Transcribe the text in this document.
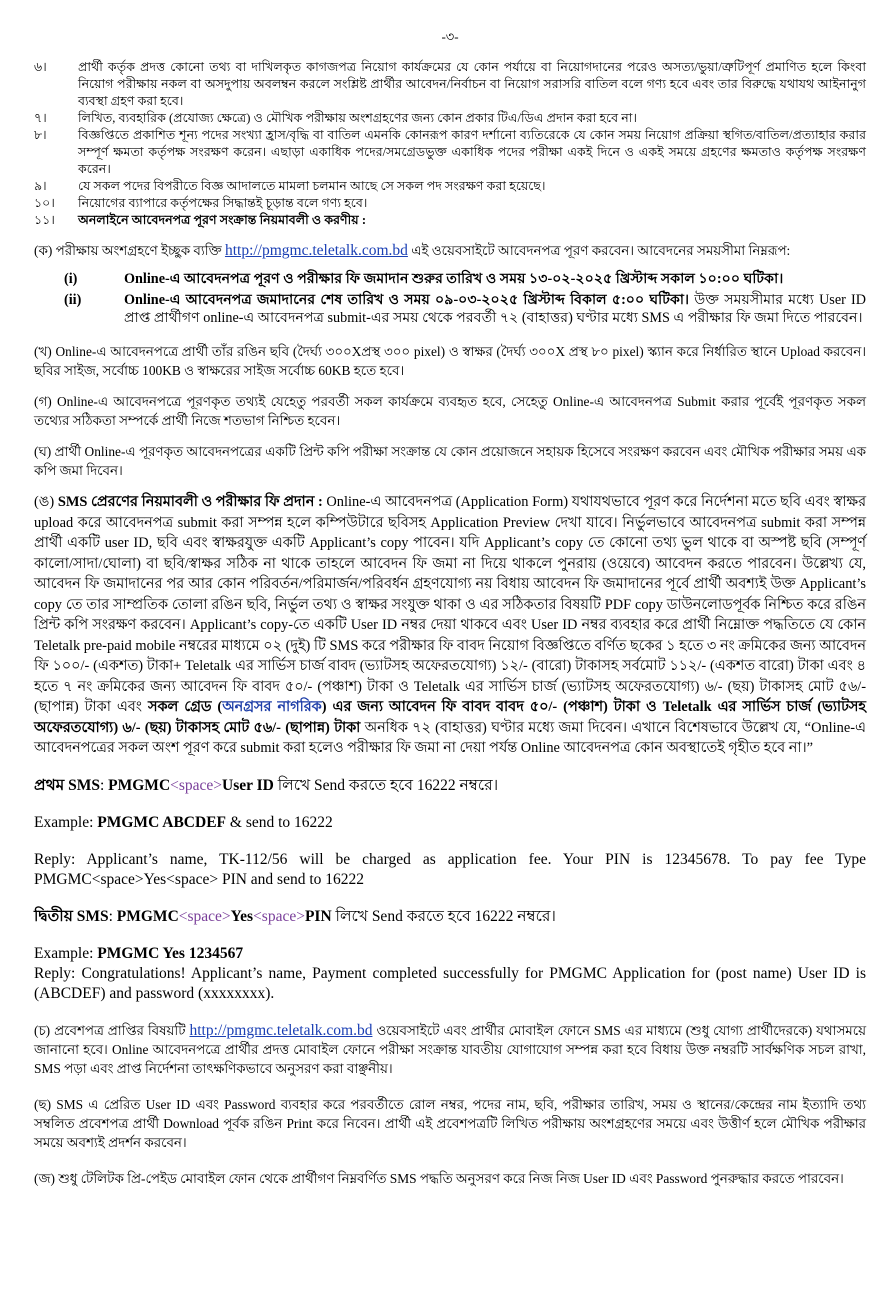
-৩-
৬।	প্রার্থী কর্তৃক প্রদত্ত কোনো তথ্য বা দাখিলকৃত কাগজপত্র নিয়োগ কার্যক্রমের যে কোন পর্যায়ে বা নিয়োগদানের পরেও অসত্য/ভুয়া/ত্রুটিপূর্ণ প্রমাণিত হলে কিংবা নিয়োগ পরীক্ষায় নকল বা অসদুপায় অবলম্বন করলে সংশ্লিষ্ট প্রার্থীর আবেদন/নির্বাচন বা নিয়োগ সরাসরি বাতিল বলে গণ্য হবে এবং তার বিরুদ্ধে যথাযথ আইনানুগ ব্যবস্থা গ্রহণ করা হবে।
৭।	লিখিত, ব্যবহারিক (প্রযোজ্য ক্ষেত্রে) ও মৌখিক পরীক্ষায় অংশগ্রহণের জন্য কোন প্রকার টিএ/ডিএ প্রদান করা হবে না।
৮।	বিজ্ঞপ্তিতে প্রকাশিত শূন্য পদের সংখ্যা হ্রাস/বৃদ্ধি বা বাতিল এমনকি কোনরূপ কারণ দর্শানো ব্যতিরেকে যে কোন সময় নিয়োগ প্রক্রিয়া স্থগিত/বাতিল/প্রত্যাহার করার সম্পূর্ণ ক্ষমতা কর্তৃপক্ষ সংরক্ষণ করেন। এছাড়া একাধিক পদের/সমগ্রেডভুক্ত একাধিক পদের পরীক্ষা একই দিনে ও একই সময়ে গ্রহণের ক্ষমতাও কর্তৃপক্ষ সংরক্ষণ করেন।
৯।	যে সকল পদের বিপরীতে বিজ্ঞ আদালতে মামলা চলমান আছে সে সকল পদ সংরক্ষণ করা হয়েছে।
১০।	নিয়োগের ব্যাপারে কর্তৃপক্ষের সিদ্ধান্তই চূড়ান্ত বলে গণ্য হবে।
১১।	অনলাইনে আবেদনপত্র পূরণ সংক্রান্ত নিয়মাবলী ও করণীয় :

(ক) পরীক্ষায় অংশগ্রহণে ইচ্ছুক ব্যক্তি http://pmgmc.teletalk.com.bd এই ওয়েবসাইটে আবেদনপত্র পূরণ করবেন। আবেদনের সময়সীমা নিম্নরূপ:

(i)	Online-এ আবেদনপত্র পূরণ ও পরীক্ষার ফি জমাদান শুরুর তারিখ ও সময় ১৩-০২-২০২৫ খ্রিস্টাব্দ সকাল ১০:০০ ঘটিকা।
(ii)	Online-এ আবেদনপত্র জমাদানের শেষ তারিখ ও সময় ০৯-০৩-২০২৫ খ্রিস্টাব্দ বিকাল ৫:০০ ঘটিকা। উক্ত সময়সীমার মধ্যে User ID প্রাপ্ত প্রার্থীগণ online-এ আবেদনপত্র submit-এর সময় থেকে পরবর্তী ৭২ (বাহাত্তর) ঘণ্টার মধ্যে SMS এ পরীক্ষার ফি জমা দিতে পারবেন।

(খ) Online-এ আবেদনপত্রে প্রার্থী তাঁর রঙিন ছবি (দৈর্ঘ্য ৩০০Xপ্রস্থ ৩০০ pixel) ও স্বাক্ষর (দৈর্ঘ্য ৩০০X প্রস্থ ৮০ pixel) স্ক্যান করে নির্ধারিত স্থানে Upload করবেন। ছবির সাইজ, সর্বোচ্চ 100KB ও স্বাক্ষরের সাইজ সর্বোচ্চ 60KB হতে হবে।

(গ) Online-এ আবেদনপত্রে পূরণকৃত তথ্যই যেহেতু পরবর্তী সকল কার্যক্রমে ব্যবহৃত হবে, সেহেতু Online-এ আবেদনপত্র Submit করার পূর্বেই পূরণকৃত সকল তথ্যের সঠিকতা সম্পর্কে প্রার্থী নিজে শতভাগ নিশ্চিত হবেন।

(ঘ) প্রার্থী Online-এ পূরণকৃত আবেদনপত্রের একটি প্রিন্ট কপি পরীক্ষা সংক্রান্ত যে কোন প্রয়োজনে সহায়ক হিসেবে সংরক্ষণ করবেন এবং মৌখিক পরীক্ষার সময় এক কপি জমা দিবেন।

(ঙ) SMS প্রেরণের নিয়মাবলী ও পরীক্ষার ফি প্রদান : Online-এ আবেদনপত্র (Application Form) যথাযথভাবে পূরণ করে নির্দেশনা মতে ছবি এবং স্বাক্ষর upload করে আবেদনপত্র submit করা সম্পন্ন হলে কম্পিউটারে ছবিসহ Application Preview দেখা যাবে। নির্ভুলভাবে আবেদনপত্র submit করা সম্পন্ন প্রার্থী একটি user ID, ছবি এবং স্বাক্ষরযুক্ত একটি Applicant’s copy পাবেন। যদি Applicant’s copy তে কোনো তথ্য ভুল থাকে বা অস্পষ্ট ছবি (সম্পূর্ণ কালো/সাদা/ঘোলা) বা ছবি/স্বাক্ষর সঠিক না থাকে তাহলে আবেদন ফি জমা না দিয়ে থাকলে পুনরায় (ওয়েবে) আবেদন করতে পারবেন। উল্লেখ্য যে, আবেদন ফি জমাদানের পর আর কোন পরিবর্তন/পরিমার্জন/পরিবর্ধন গ্রহণযোগ্য নয় বিধায় আবেদন ফি জমাদানের পূর্বে প্রার্থী অবশ্যই উক্ত Applicant’s copy তে তার সাম্প্রতিক তোলা রঙিন ছবি, নির্ভুল তথ্য ও স্বাক্ষর সংযুক্ত থাকা ও এর সঠিকতার বিষয়টি PDF copy ডাউনলোডপূর্বক নিশ্চিত করে রঙিন প্রিন্ট কপি সংরক্ষণ করবেন। Applicant’s copy-তে একটি User ID নম্বর দেয়া থাকবে এবং User ID নম্বর ব্যবহার করে প্রার্থী নিম্নোক্ত পদ্ধতিতে যে কোন Teletalk pre-paid mobile নম্বরের মাধ্যমে ০২ (দুই) টি SMS করে পরীক্ষার ফি বাবদ নিয়োগ বিজ্ঞপ্তিতে বর্ণিত ছকের ১ হতে ৩ নং ক্রমিকের জন্য আবেদন ফি ১০০/- (একশত) টাকা+ Teletalk এর সার্ভিস চার্জ বাবদ (ভ্যাটসহ অফেরতযোগ্য) ১২/- (বারো) টাকাসহ সর্বমোট ১১২/- (একশত বারো) টাকা এবং ৪ হতে ৭ নং ক্রমিকের জন্য আবেদন ফি বাবদ ৫০/- (পঞ্চাশ) টাকা ও Teletalk এর সার্ভিস চার্জ (ভ্যাটসহ অফেরতযোগ্য) ৬/- (ছয়) টাকাসহ মোট ৫৬/- (ছাপান্ন) টাকা এবং সকল গ্রেড (অনগ্রসর নাগরিক) এর জন্য আবেদন ফি বাবদ বাবদ ৫০/- (পঞ্চাশ) টাকা ও Teletalk এর সার্ভিস চার্জ (ভ্যাটসহ অফেরতযোগ্য) ৬/- (ছয়) টাকাসহ মোট ৫৬/- (ছাপান্ন) টাকা অনধিক ৭২ (বাহাত্তর) ঘণ্টার মধ্যে জমা দিবেন। এখানে বিশেষভাবে উল্লেখ যে, “Online-এ আবেদনপত্রের সকল অংশ পূরণ করে submit করা হলেও পরীক্ষার ফি জমা না দেয়া পর্যন্ত Online আবেদনপত্র কোন অবস্থাতেই গৃহীত হবে না।”

প্রথম SMS: PMGMC<space>User ID লিখে Send করতে হবে 16222 নম্বরে।

Example: PMGMC ABCDEF & send to 16222

Reply: Applicant’s name, TK-112/56 will be charged as application fee. Your PIN is 12345678. To pay fee Type PMGMC<space>Yes<space> PIN and send to 16222

দ্বিতীয় SMS: PMGMC<space>Yes<space>PIN লিখে Send করতে হবে 16222 নম্বরে।

Example: PMGMC Yes 1234567

Reply: Congratulations! Applicant’s name, Payment completed successfully for PMGMC Application for (post name) User ID is (ABCDEF) and password (xxxxxxxx).

(চ) প্রবেশপত্র প্রাপ্তির বিষয়টি http://pmgmc.teletalk.com.bd ওয়েবসাইটে এবং প্রার্থীর মোবাইল ফোনে SMS এর মাধ্যমে (শুধু যোগ্য প্রার্থীদেরকে) যথাসময়ে জানানো হবে। Online আবেদনপত্রে প্রার্থীর প্রদত্ত মোবাইল ফোনে পরীক্ষা সংক্রান্ত যাবতীয় যোগাযোগ সম্পন্ন করা হবে বিধায় উক্ত নম্বরটি সার্বক্ষণিক সচল রাখা, SMS পড়া এবং প্রাপ্ত নির্দেশনা তাৎক্ষণিকভাবে অনুসরণ করা বাঞ্ছনীয়।

(ছ) SMS এ প্রেরিত User ID এবং Password ব্যবহার করে পরবর্তীতে রোল নম্বর, পদের নাম, ছবি, পরীক্ষার তারিখ, সময় ও স্থানের/কেন্দ্রের নাম ইত্যাদি তথ্য সম্বলিত প্রবেশপত্র প্রার্থী Download পূর্বক রঙিন Print করে নিবেন। প্রার্থী এই প্রবেশপত্রটি লিখিত পরীক্ষায় অংশগ্রহণের সময়ে এবং উত্তীর্ণ হলে মৌখিক পরীক্ষার সময়ে অবশ্যই প্রদর্শন করবেন।

(জ) শুধু টেলিটক প্রি-পেইড মোবাইল ফোন থেকে প্রার্থীগণ নিম্নবর্ণিত SMS পদ্ধতি অনুসরণ করে নিজ নিজ User ID এবং Password পুনরুদ্ধার করতে পারবেন।
